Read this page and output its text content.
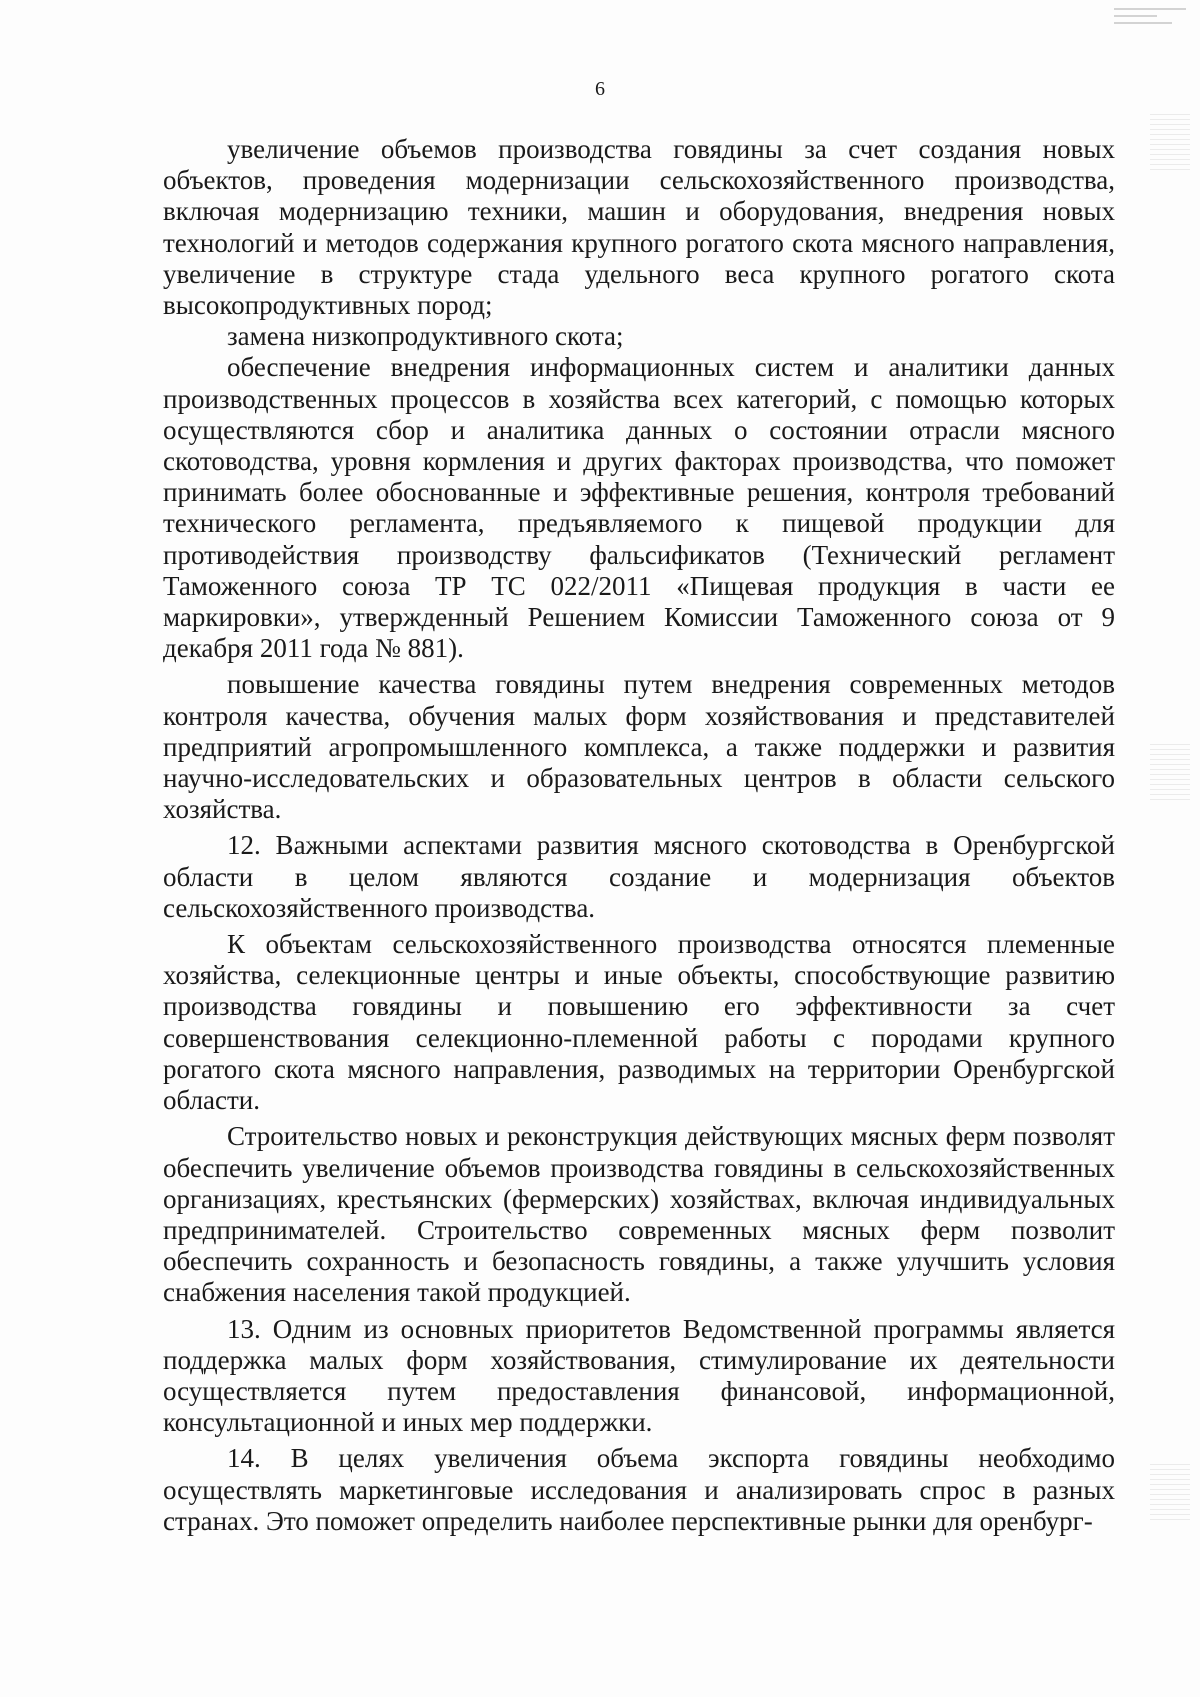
6

увеличение объемов производства говядины за счет создания новых объектов, проведения модернизации сельскохозяйственного производства, включая модернизацию техники, машин и оборудования, внедрения новых технологий и методов содержания крупного рогатого скота мясного направления, увеличение в структуре стада удельного веса крупного рогатого скота высокопродуктивных пород;

замена низкопродуктивного скота;

обеспечение внедрения информационных систем и аналитики данных производственных процессов в хозяйства всех категорий, с помощью которых осуществляются сбор и аналитика данных о состоянии отрасли мясного скотоводства, уровня кормления и других факторах производства, что поможет принимать более обоснованные и эффективные решения, контроля требований технического регламента, предъявляемого к пищевой продукции для противодействия производству фальсификатов (Технический регламент Таможенного союза ТР ТС 022/2011 «Пищевая продукция в части ее маркировки», утвержденный Решением Комиссии Таможенного союза от 9 декабря 2011 года № 881).

повышение качества говядины путем внедрения современных методов контроля качества, обучения малых форм хозяйствования и представителей предприятий агропромышленного комплекса, а также поддержки и развития научно-исследовательских и образовательных центров в области сельского хозяйства.

12. Важными аспектами развития мясного скотоводства в Оренбургской области в целом являются создание и модернизация объектов сельскохозяйственного производства.

К объектам сельскохозяйственного производства относятся племенные хозяйства, селекционные центры и иные объекты, способствующие развитию производства говядины и повышению его эффективности за счет совершенствования селекционно-племенной работы с породами крупного рогатого скота мясного направления, разводимых на территории Оренбургской области.

Строительство новых и реконструкция действующих мясных ферм позволят обеспечить увеличение объемов производства говядины в сельскохозяйственных организациях, крестьянских (фермерских) хозяйствах, включая индивидуальных предпринимателей. Строительство современных мясных ферм позволит обеспечить сохранность и безопасность говядины, а также улучшить условия снабжения населения такой продукцией.

13. Одним из основных приоритетов Ведомственной программы является поддержка малых форм хозяйствования, стимулирование их деятельности осуществляется путем предоставления финансовой, информационной, консультационной и иных мер поддержки.

14. В целях увеличения объема экспорта говядины необходимо осуществлять маркетинговые исследования и анализировать спрос в разных странах. Это поможет определить наиболее перспективные рынки для оренбург-
